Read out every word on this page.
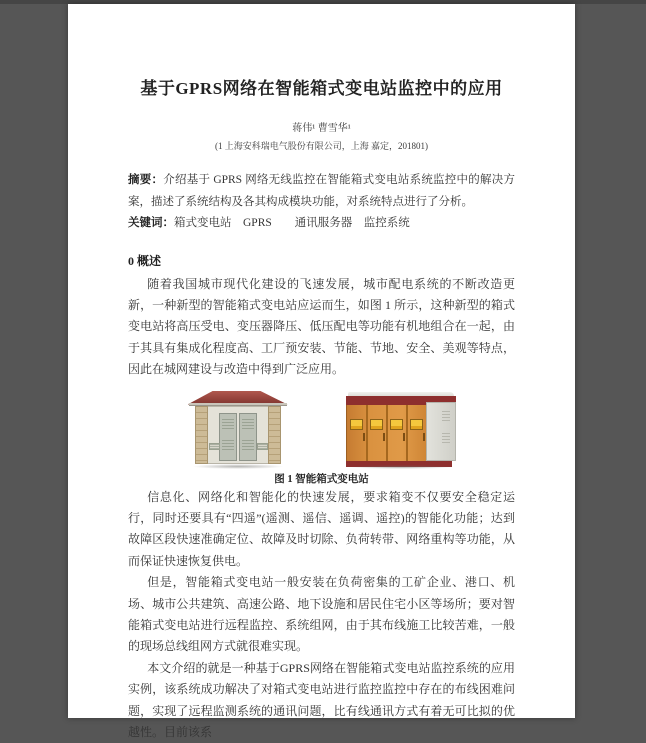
基于GPRS网络在智能箱式变电站监控中的应用
蒋伟¹ 曹雪华¹
(1 上海安科瑞电气股份有限公司，上海 嘉定，201801)

摘要：介绍基于 GPRS 网络无线监控在智能箱式变电站系统监控中的解决方案，描述了系统结构及各其构成模块功能，对系统特点进行了分析。

关键词：箱式变电站　GPRS　　通讯服务器　监控系统

0 概述

随着我国城市现代化建设的飞速发展，城市配电系统的不断改造更新，一种新型的智能箱式变电站应运而生，如图 1 所示，这种新型的箱式变电站将高压受电、变压器降压、低压配电等功能有机地组合在一起，由于其具有集成化程度高、工厂预安装、节能、节地、安全、美观等特点，因此在城网建设与改造中得到广泛应用。

图 1 智能箱式变电站

信息化、网络化和智能化的快速发展，要求箱变不仅要安全稳定运行，同时还要具有“四遥”(遥测、遥信、遥调、遥控)的智能化功能；达到故障区段快速准确定位、故障及时切除、负荷转带、网络重构等功能，从而保证快速恢复供电。

但是，智能箱式变电站一般安装在负荷密集的工矿企业、港口、机场、城市公共建筑、高速公路、地下设施和居民住宅小区等场所；要对智能箱式变电站进行远程监控、系统组网，由于其布线施工比较苦难，一般的现场总线组网方式就很难实现。

本文介绍的就是一种基于GPRS网络在智能箱式变电站监控系统的应用实例，该系统成功解决了对箱式变电站进行监控监控中存在的布线困难问题，实现了远程监测系统的通讯问题，比有线通讯方式有着无可比拟的优越性。目前该系
